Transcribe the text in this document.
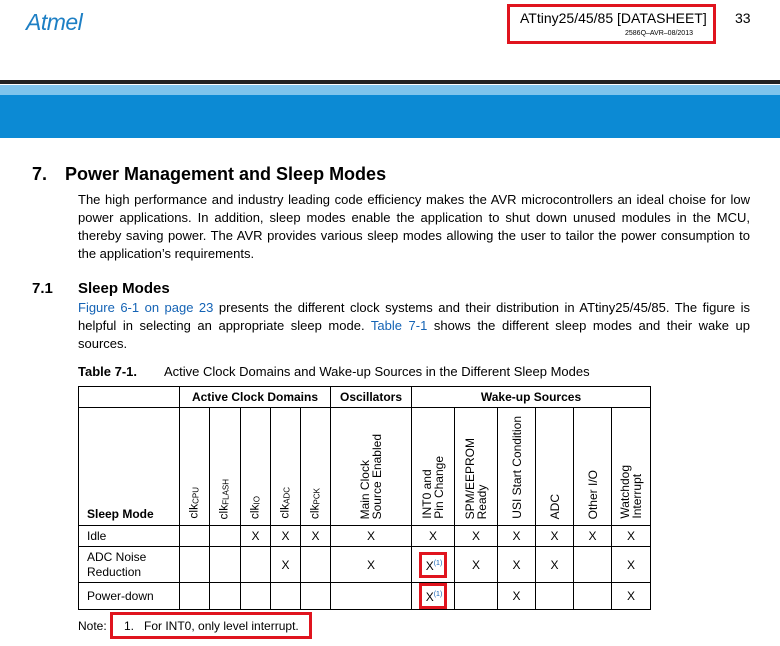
Atmel	ATtiny25/45/85 [DATASHEET]
2586Q–AVR–08/2013
33
7. Power Management and Sleep Modes
The high performance and industry leading code efficiency makes the AVR microcontrollers an ideal choise for low power applications. In addition, sleep modes enable the application to shut down unused modules in the MCU, thereby saving power. The AVR provides various sleep modes allowing the user to tailor the power consumption to the application’s requirements.
7.1 Sleep Modes
Figure 6-1 on page 23 presents the different clock systems and their distribution in ATtiny25/45/85. The figure is helpful in selecting an appropriate sleep mode. Table 7-1 shows the different sleep modes and their wake up sources.
Table 7-1. Active Clock Domains and Wake-up Sources in the Different Sleep Modes
	Active Clock Domains					Oscillators	Wake-up Sources					
Sleep Mode	clk$_{CPU}$	clk$_{FLASH}$	clk$_{IO}$	clk$_{ADC}$	clk$_{PCK}$	Main Clock
Source Enabled	INT0 and
Pin Change	SPM/EEPROM
Ready	USI Start Condition	ADC	Other I/O	Watchdog
Interrupt

Idle			X	X	X	X	X	X	X	X	X	X
ADC Noise
Reduction				X		X	$X^{(1)}$	X	X	X		X
Power-down							$X^{(1)}$		X			X
Note: 1.   For INT0, only level interrupt.
